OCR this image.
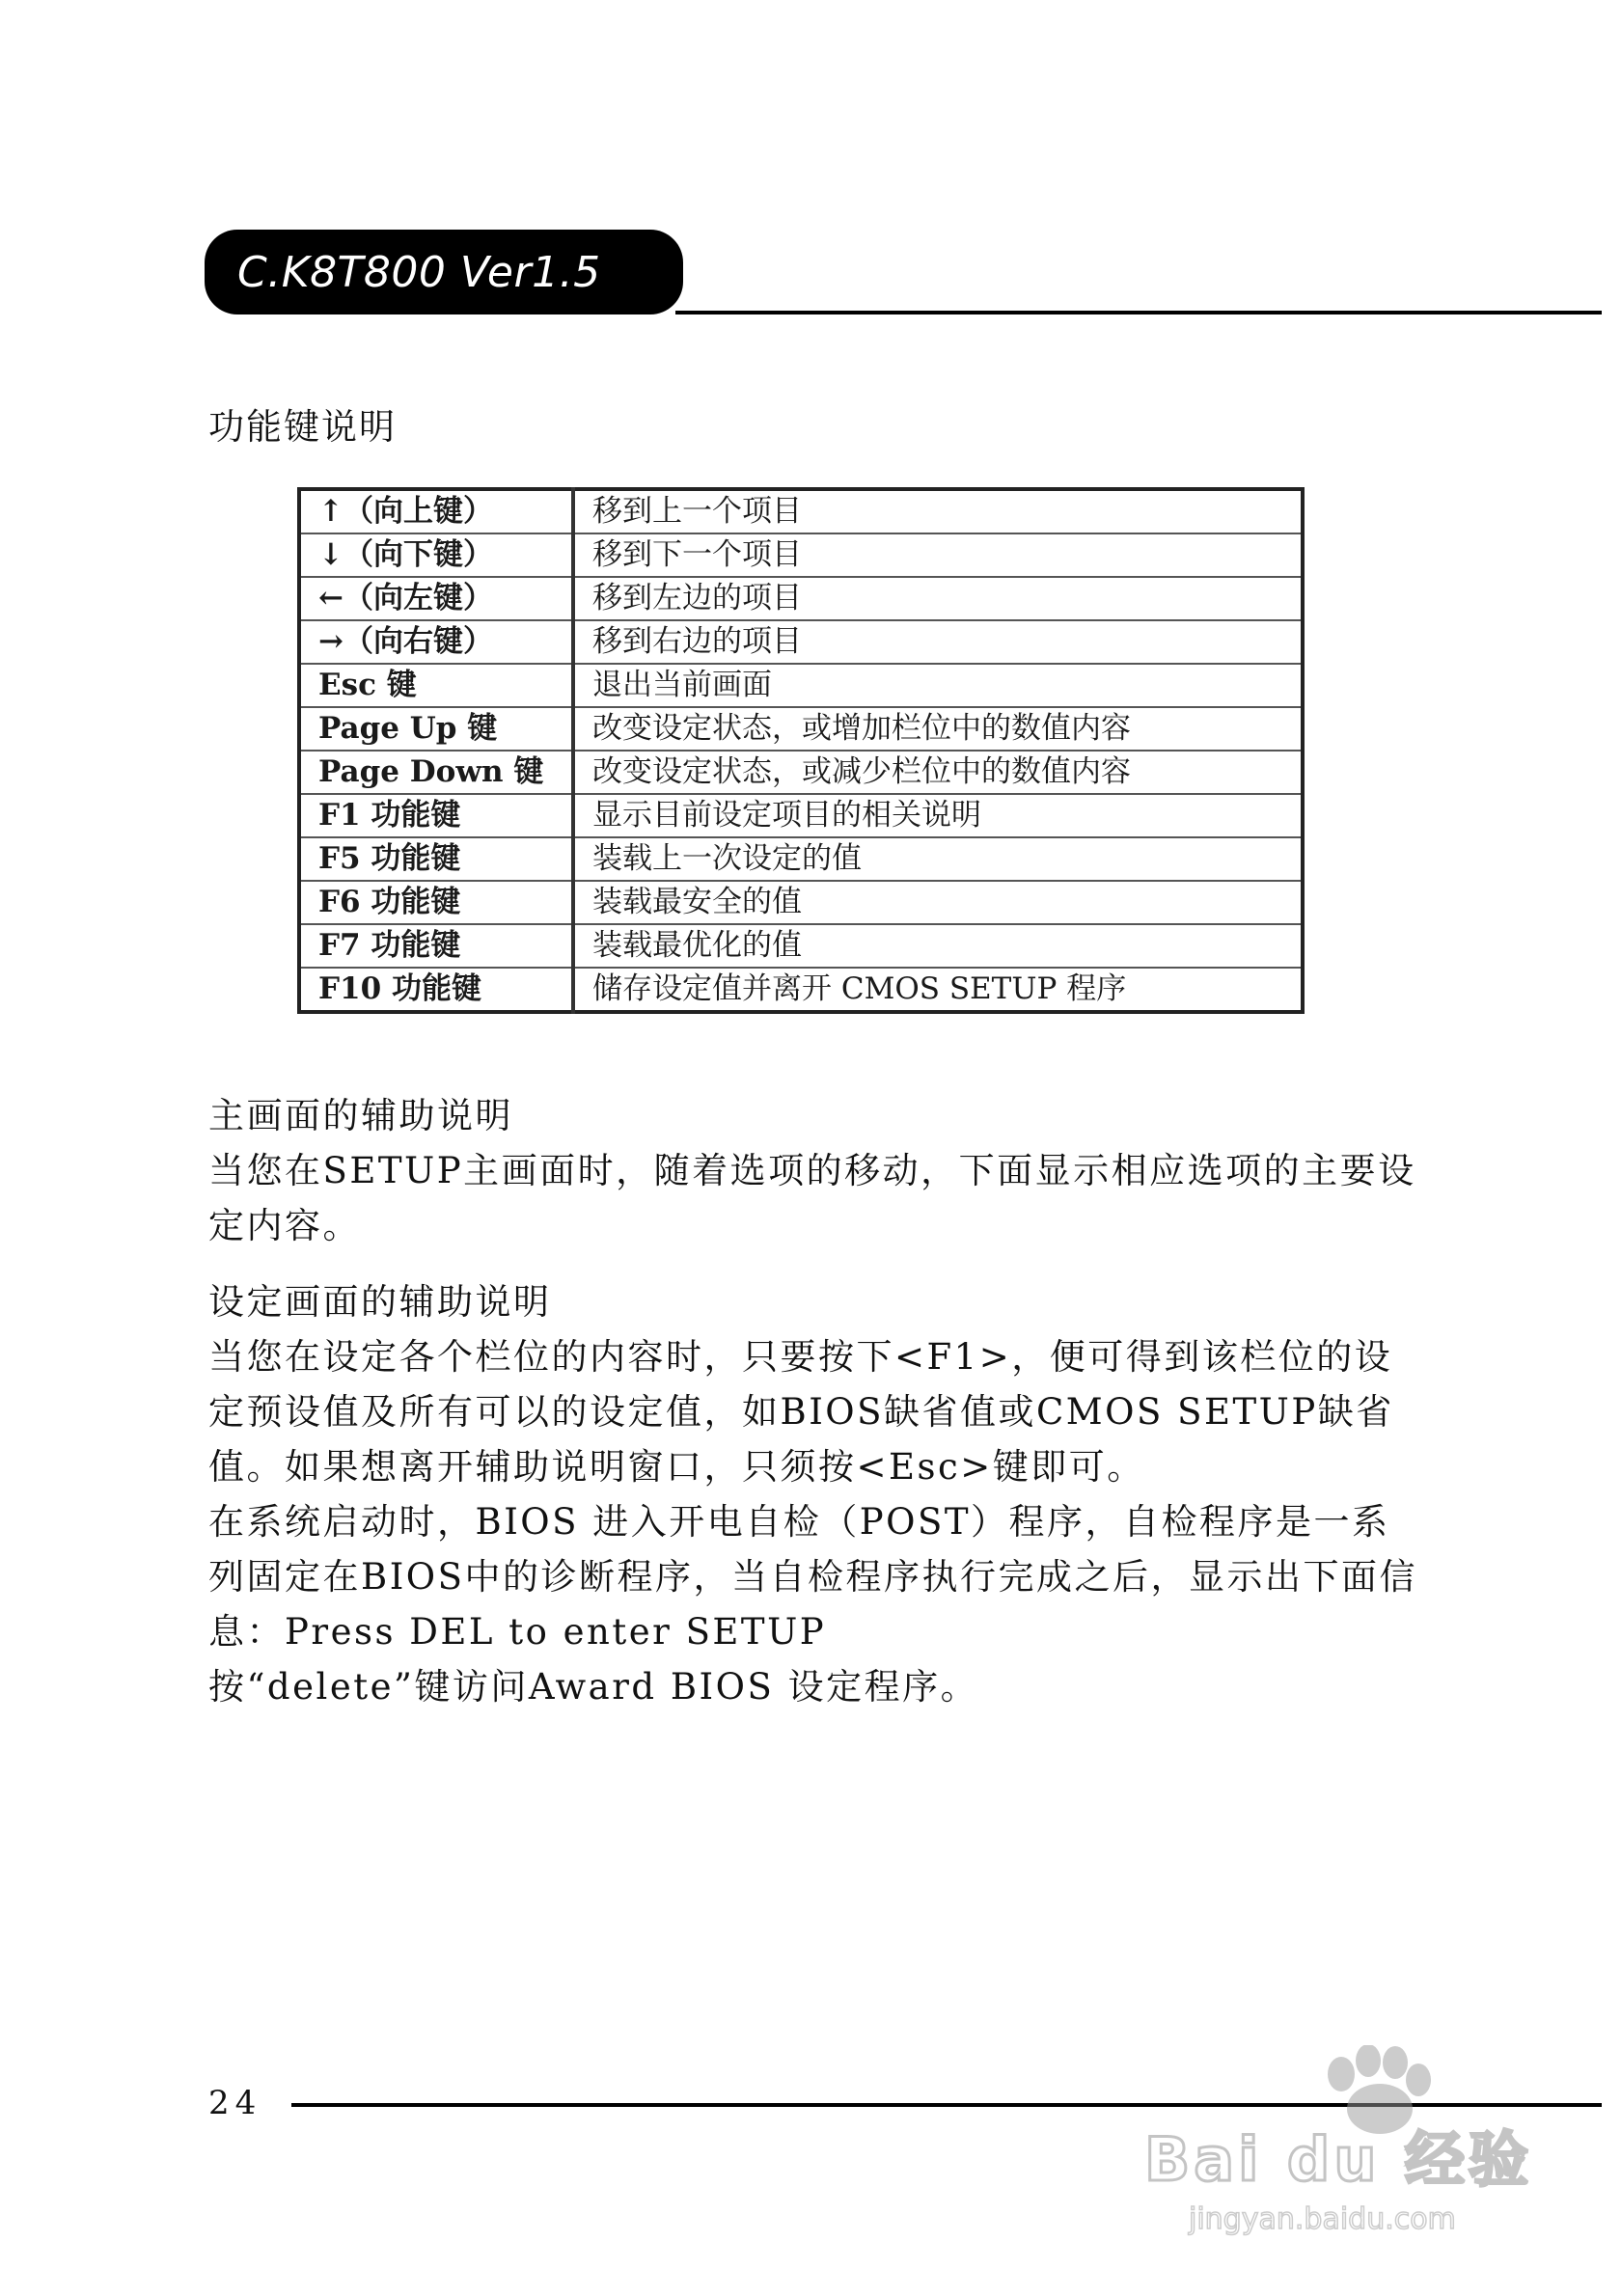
C.K8T800 Ver1.5
功能键说明
↑（向上键）	移到上一个项目
↓（向下键）	移到下一个项目
←（向左键）	移到左边的项目
→（向右键）	移到右边的项目
Esc 键	退出当前画面
Page Up 键	改变设定状态，或增加栏位中的数值内容
Page Down 键	改变设定状态，或减少栏位中的数值内容
F1 功能键	显示目前设定项目的相关说明
F5 功能键	装载上一次设定的值
F6 功能键	装载最安全的值
F7 功能键	装载最优化的值
F10 功能键	储存设定值并离开 CMOS SETUP 程序

主画面的辅助说明

当您在SETUP主画面时，随着选项的移动，下面显示相应选项的主要设定内容。

设定画面的辅助说明

当您在设定各个栏位的内容时，只要按下<F1>，便可得到该栏位的设定预设值及所有可以的设定值，如BIOS缺省值或CMOS SETUP缺省值。如果想离开辅助说明窗口，只须按<Esc>键即可。

在系统启动时，BIOS 进入开电自检（POST）程序，自检程序是一系列固定在BIOS中的诊断程序，当自检程序执行完成之后，显示出下面信息：Press DEL to enter SETUP

按“delete”键访问Award BIOS 设定程序。

24
Bai du 经验
jingyan.baidu.com
